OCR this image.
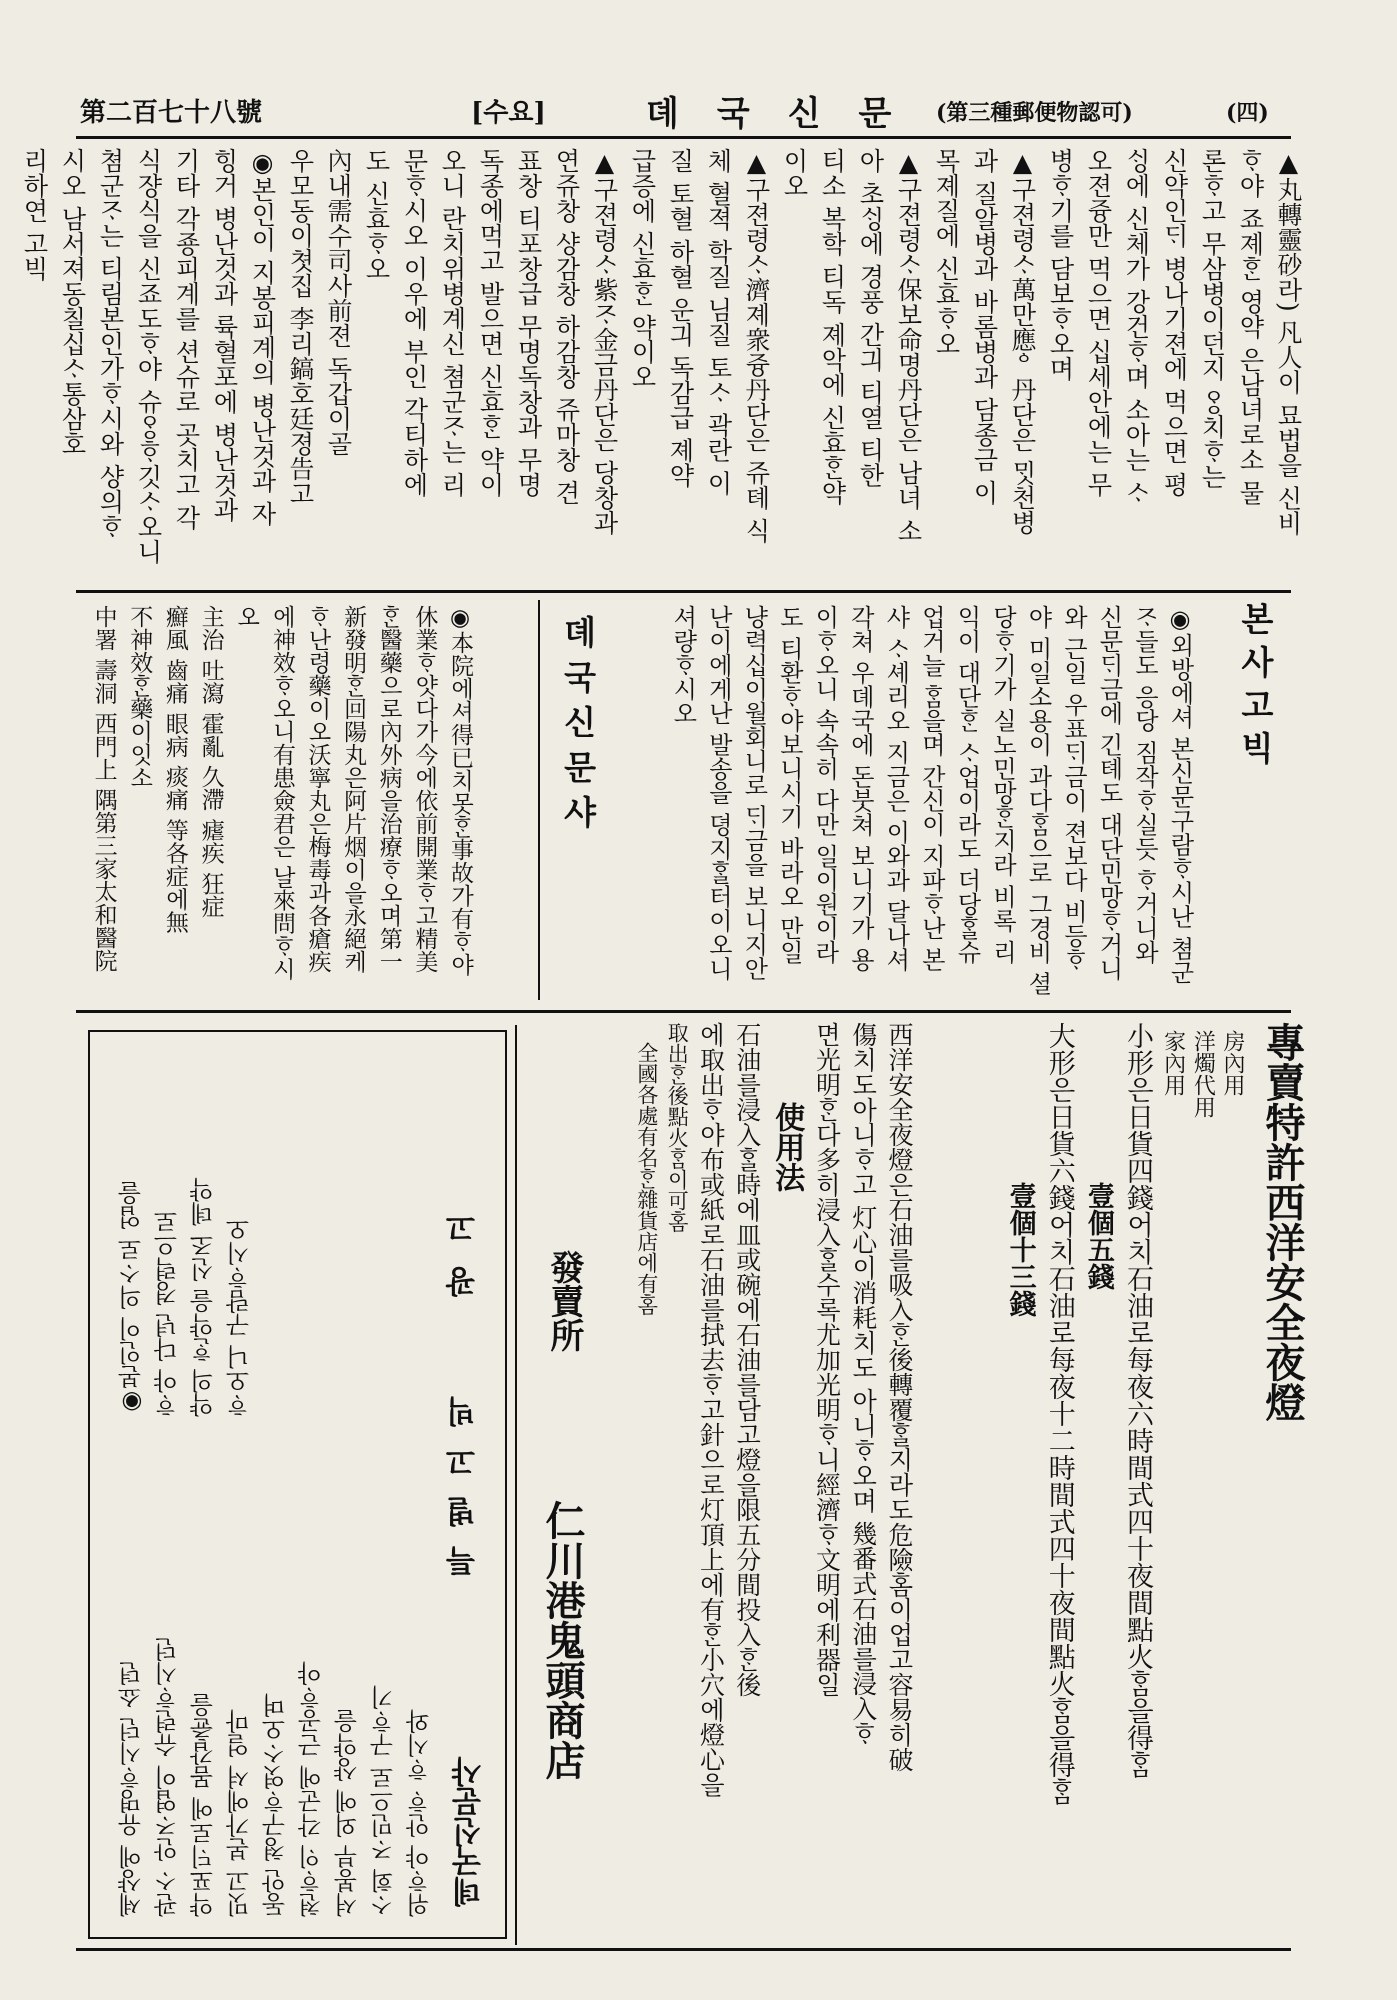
第二百七十八號	[수요]	뎨국신문 (第三種郵便物認可)	(四)
▲丸轉靈砂라) 凡人이 묘법을 신비
ᄒᆞ야 죠졔ᄒᆞᆫ 영약 은남녀로소 물
론ᄒᆞ고 무삼병이던지 ᄋᆞᆼ치ᄒᆞ는
신약인ᄃᆡ 병나기젼에 먹으면 평
ᄉᆡᆼ에 신체가 강건ᄒᆞ며 소아는 ᄉᆞ
오젼즁만 먹으면 십세안에는 무
병ᄒᆞ기를 담보ᄒᆞ오며
▲구젼령ᄉᆞ萬만應ᅌ丹단은 ᄆᆡᆺ천병
과 질알병과 바롬병과 담종금 이
목졔질에 신효ᄒᆞ오
▲구젼령ᄉᆞ保보命명丹단은 남녀 소
아 초ᄉᆡᆼ에 경풍 간긔 티열 티한
티소 복학 티독 졔악에 신효ᄒᆞᆫ약
이오
▲구젼령ᄉᆞ濟졔衆즁丹단은 쥬톄 식
체 혈젹 학질 님질 토ᄉᆞ 곽란 이
질 토혈 하혈 운긔 독감급 졔약
급증에 신효ᄒᆞᆫ 약이오
▲구젼령ᄉᆞ紫ᄌᆞ金금丹단은 당창과
연쥬창 샹감창 하감창 쥬마창 견
표창 티포창급 무명독창과 무명
독종에먹고 발으면 신효ᄒᆞᆫ 약이
오니 란치위병계신 쳠군ᄌᆞ는 리
문ᄒᆞ시오 이우에 부인 각티하에
도 신효ᄒᆞ오
內내需수司사前젼 독갑이골
우모동이쳣집 李리鎬호廷졍告고
◉본인이 지봉피계의 병난것과 자
힝거 병난것과 륙혈포에 병난것과
기타 각죵피계를 션슈로 곳치고 각
식쟝식을 신죠도ᄒᆞ야 슈ᄋᆞᆼᄒᆞ깃ᄉᆞ오니
쳠군ᄌᆞ는 티림본인가ᄒᆞ시와 샹의ᄒᆞ
시오 남서져동칠십ᄉᆞ통삼호
리하연 고빅
본사고빅
◉외방에셔 본신문구람ᄒᆞ시난 쳠군
ᄌᆞ들도 응당 짐작ᄒᆞ실듯 ᄒᆞ거니와
신문ᄃᆡ금에 긴톄도 대단민망ᄒᆞ거니
와 근일 우표ᄃᆡ금이 젼보다 비등ᄒᆞ
야 미일소용이 과다ᄒᆞᆷ으로 그경비 셜
당ᄒᆞ기가 실노민망ᄒᆞᆫ지라 비록 리
익이 대단ᄒᆞᆫ ᄉᆞ업이라도 더당ᄒᆞᆯ슈
업거늘 ᄒᆞᆷ을며 간신이 지파ᄒᆞ난 본
샤 ᄉᆞ셰리오 지금은 이와과 달나셔
각쳐 우뎨국에 돈붓쳐 보니기가 용
이ᄒᆞ오니 속속히 다만 일이원이라
도 티환ᄒᆞ야보니시기 바라오 만일
냥력십이월회니로 ᄃᆡ금을 보니지안
난이에게난 발송을 뎡지ᄒᆞᆯ터이오니
셔량ᄒᆞ시오
뎨국신문샤
◉本院에셔得已치못ᄒᆞᆫ事故가有ᄒᆞ야
休業ᄒᆞ얏다가今에依前開業ᄒᆞ고精美
ᄒᆞᆫ醫藥으로內外病을治療ᄒᆞ오며第一
新發明ᄒᆞᆫ回陽丸은阿片烟이을永絕케
ᄒᆞ난령藥이오沃寧丸은梅毒과各瘡疾
에神效ᄒᆞ오니有患僉君은 날來問ᄒᆞ시
오
主治 吐瀉 霍亂 久滯 瘧疾 狂症
癬風 齒痛 眼病 痰痛 等各症에無
不神效ᄒᆞᆫ藥이잇소
中署 壽洞 西門上 隅第三家太和醫院
專賣特許西洋安全夜燈
房內用
洋燭代用
家內用
小形은日貨四錢어치石油로每夜六時間式四十夜間點火ᄒᆞᆷ을得ᄒᆞᆷ
壹個五錢
大形은日貨六錢어치石油로每夜十二時間式四十夜間點火ᄒᆞᆷ을得ᄒᆞᆷ
壹個十三錢
西洋安全夜燈은石油를吸入ᄒᆞᆫ後轉覆ᄒᆞᆯ지라도危險홈이업고容易히破
傷치도아니ᄒᆞ고 灯心이消耗치도 아니ᄒᆞ오며 幾番式石油를浸入ᄒᆞ
면光明ᄒᆞᆫ다多히浸入ᄒᆞᆯ수록尤加光明ᄒᆞ니經濟ᄒᆞ文明에利器일
使用法
石油를浸入ᄒᆞᆯ時에皿或碗에石油를담고燈을限五分間投入ᄒᆞᆫ後
에取出ᄒᆞ야布或紙로石油를拭去ᄒᆞ고針으로灯頂上에有ᄒᆞᆫ小穴에燈心을
取出ᄒᆞᆫ後點火ᄒᆞᆷ이可홈
全國各處有名ᄒᆞᆫ雜貨店에有홈
發賣所
仁川港鬼頭商店
셰샹에 유명ᄒᆞ시던 쇼뎐 관ᄉᆞ 안ᄌᆞ엽이 슈련ᄒᆞ시던 약포ᄃᆡ로에 몸갑츈을 밋고 본가에셔 얼마 동안 쳥구ᄒᆞ엿ᄉᆞ오며 쳔ᄒᆞᄋᆡ 각군에 근공ᄒᆞ야 셔봉부 외에 샹약을 ᄉᆞ회 ᄌᆞ민으로 구ᄒᆞ기 위ᄒᆞ야 안ᄒᆞ ᄒᆞ시와
◉본인이 의ᄉᆞ로 업을 ᄒᆞ야 다년 경력으로 약의 ᄒᆞᆫ약을 신조 뎨약 ᄒᆞ오니 구람ᄒᆞ시오
뎨국신문샤
특별고빅
광고
